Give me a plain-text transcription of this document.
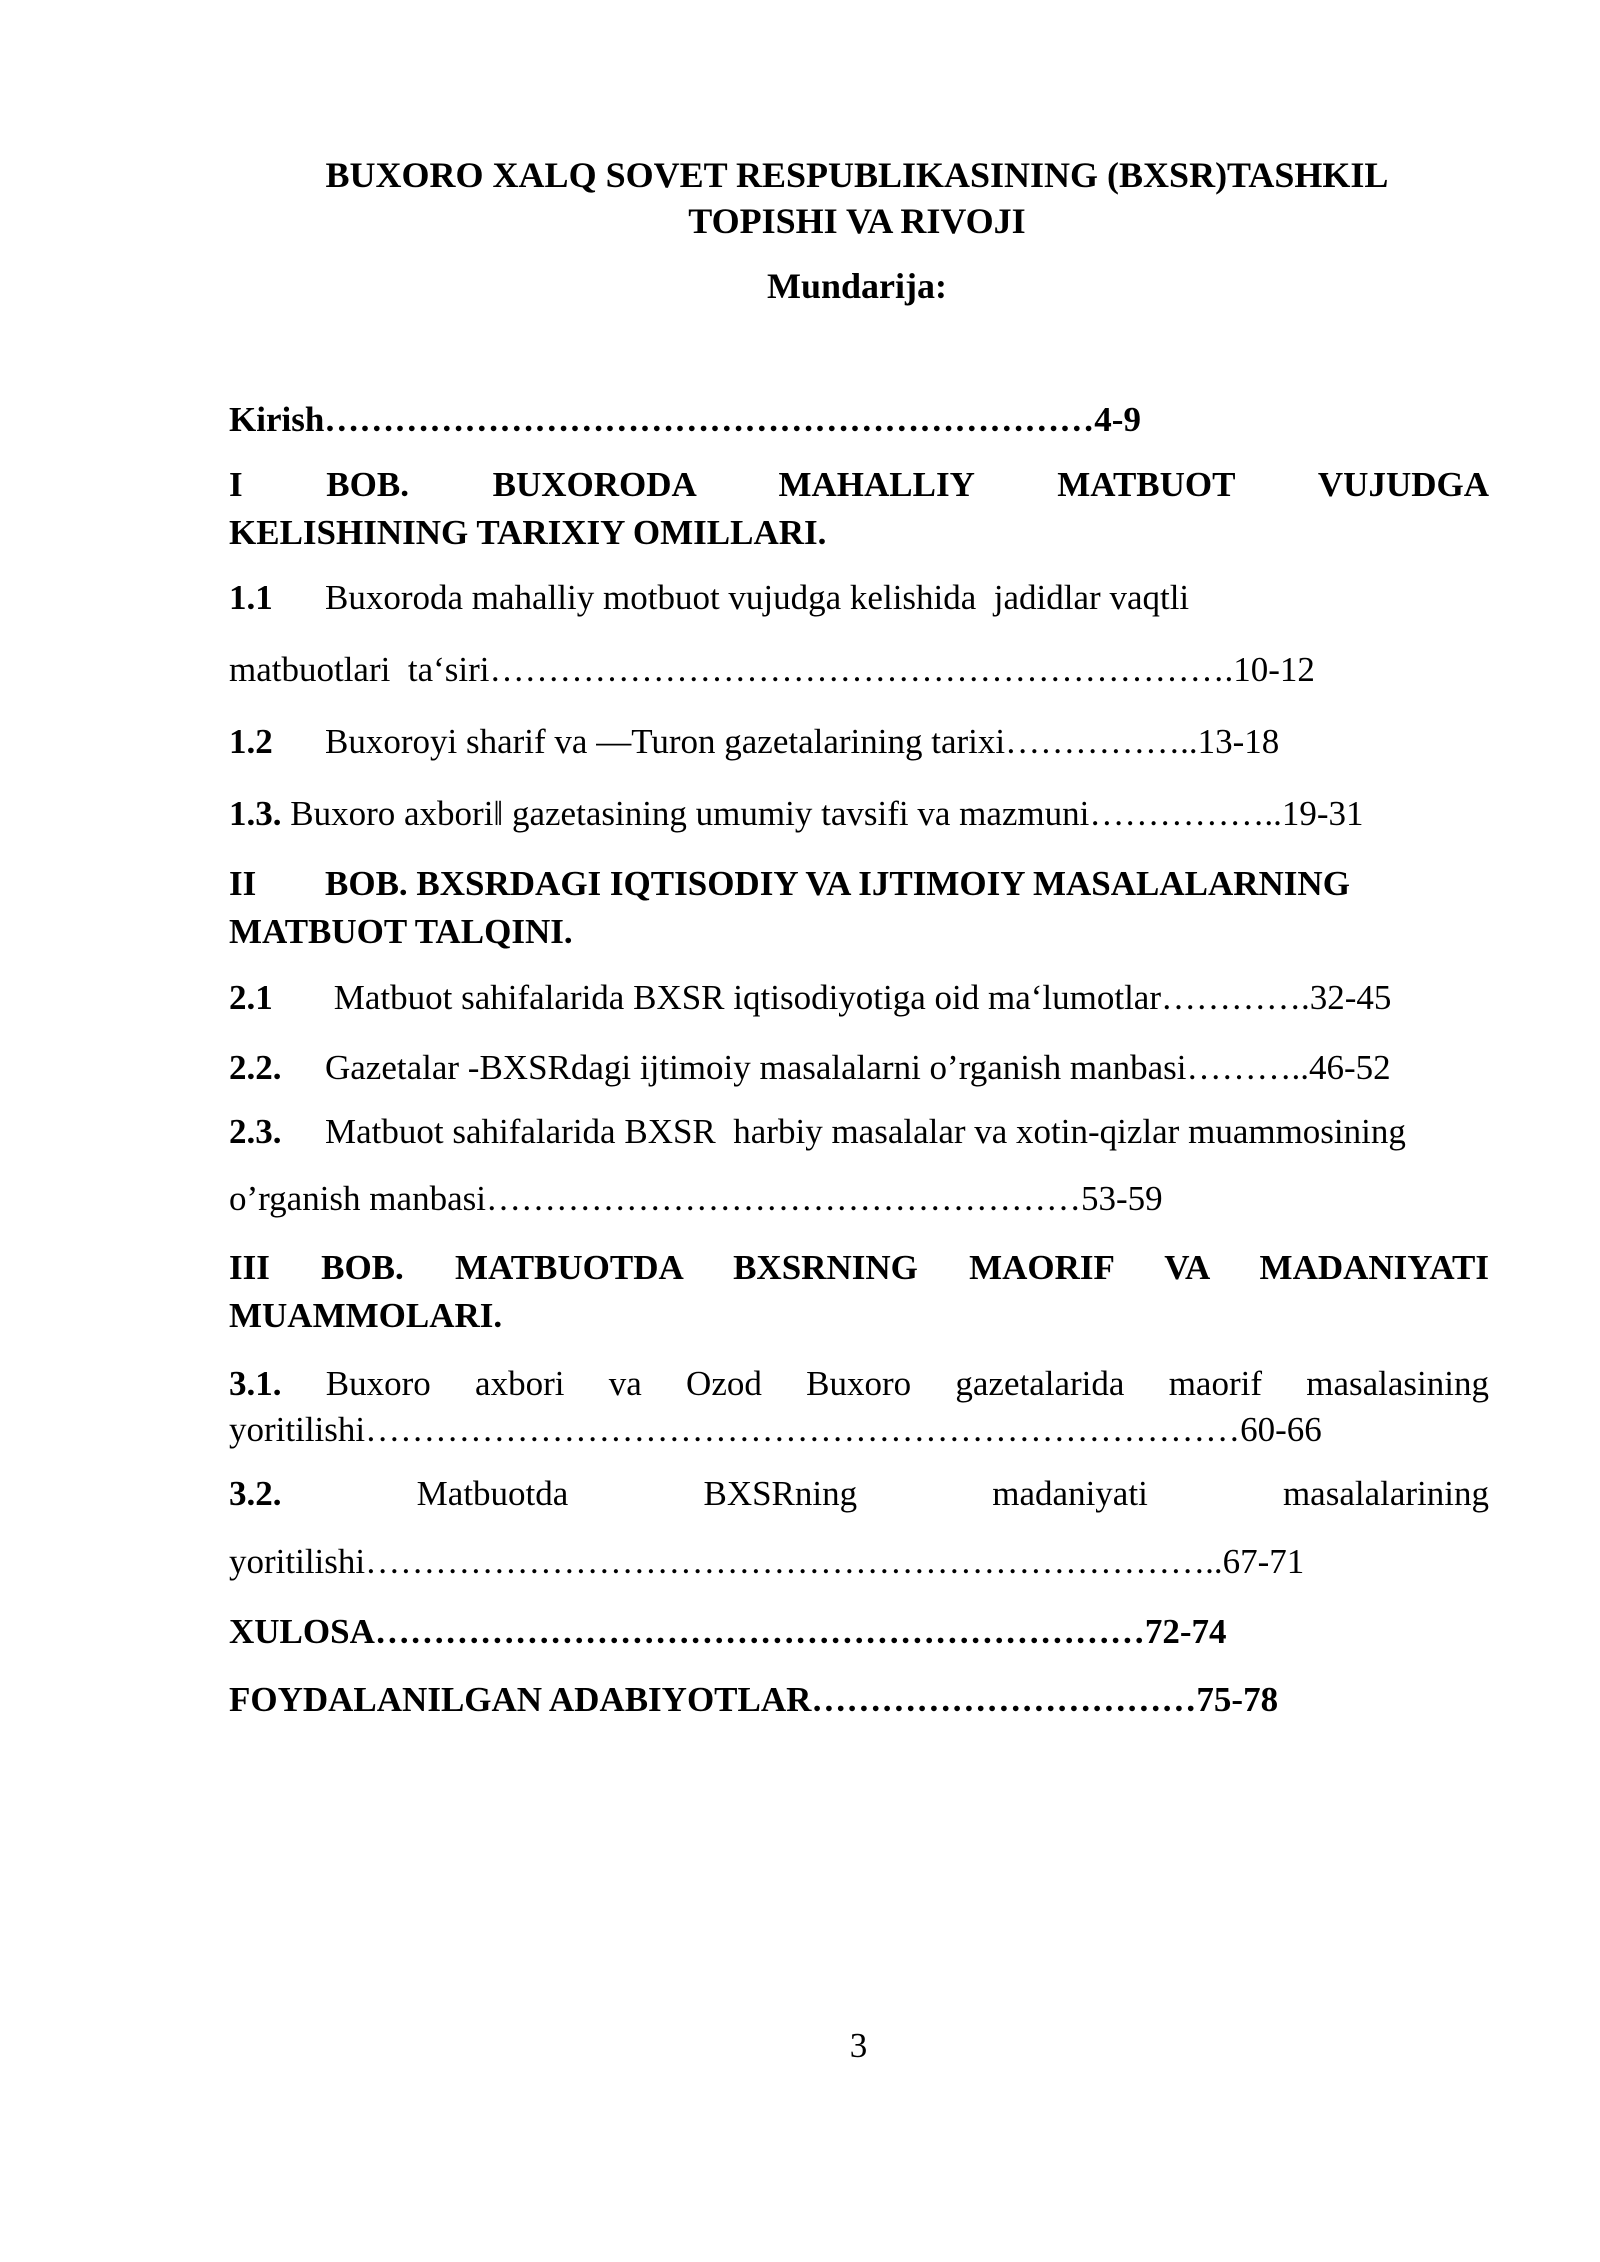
BUXORO XALQ SOVET RESPUBLIKASINING (BXSR)TASHKIL
TOPISHI VA RIVOJI
Mundarija:
Kirish…………………………………………………………4-9
I BOB. BUXORODA MAHALLIY MATBUOT VUJUDGA
KELISHINING TARIXIY OMILLARI.
1.1 Buxoroda mahalliy motbuot vujudga kelishida  jadidlar vaqtli
matbuotlari  ta‘siri……………………………………………………….10-12
1.2 Buxoroyi sharif va ―Turon gazetalarining tarixi……………..13-18
1.3. Buxoro axbori‖ gazetasining umumiy tavsifi va mazmuni……………..19-31
II BOB. BXSRDAGI IQTISODIY VA IJTIMOIY MASALALARNING
MATBUOT TALQINI.
2.1 Matbuot sahifalarida BXSR iqtisodiyotiga oid ma‘lumotlar………….32-45
2.2. Gazetalar -BXSRdagi ijtimoiy masalalarni o’rganish manbasi………..46-52
2.3. Matbuot sahifalarida BXSR  harbiy masalalar va xotin-qizlar muammosining
o’rganish manbasi……………………………………………53-59
III BOB. MATBUOTDA BXSRNING MAORIF VA MADANIYATI
MUAMMOLARI.
3.1. Buxoro axbori va Ozod Buxoro gazetalarida maorif masalasining
yoritilishi…………………………………………………………………60-66
3.2.	Matbuotda BXSRning madaniyati masalalarining
yoritilishi………………………………………………………………..67-71
XULOSA…………………………………………………………72-74
FOYDALANILGAN ADABIYOTLAR……………………………75-78
3
